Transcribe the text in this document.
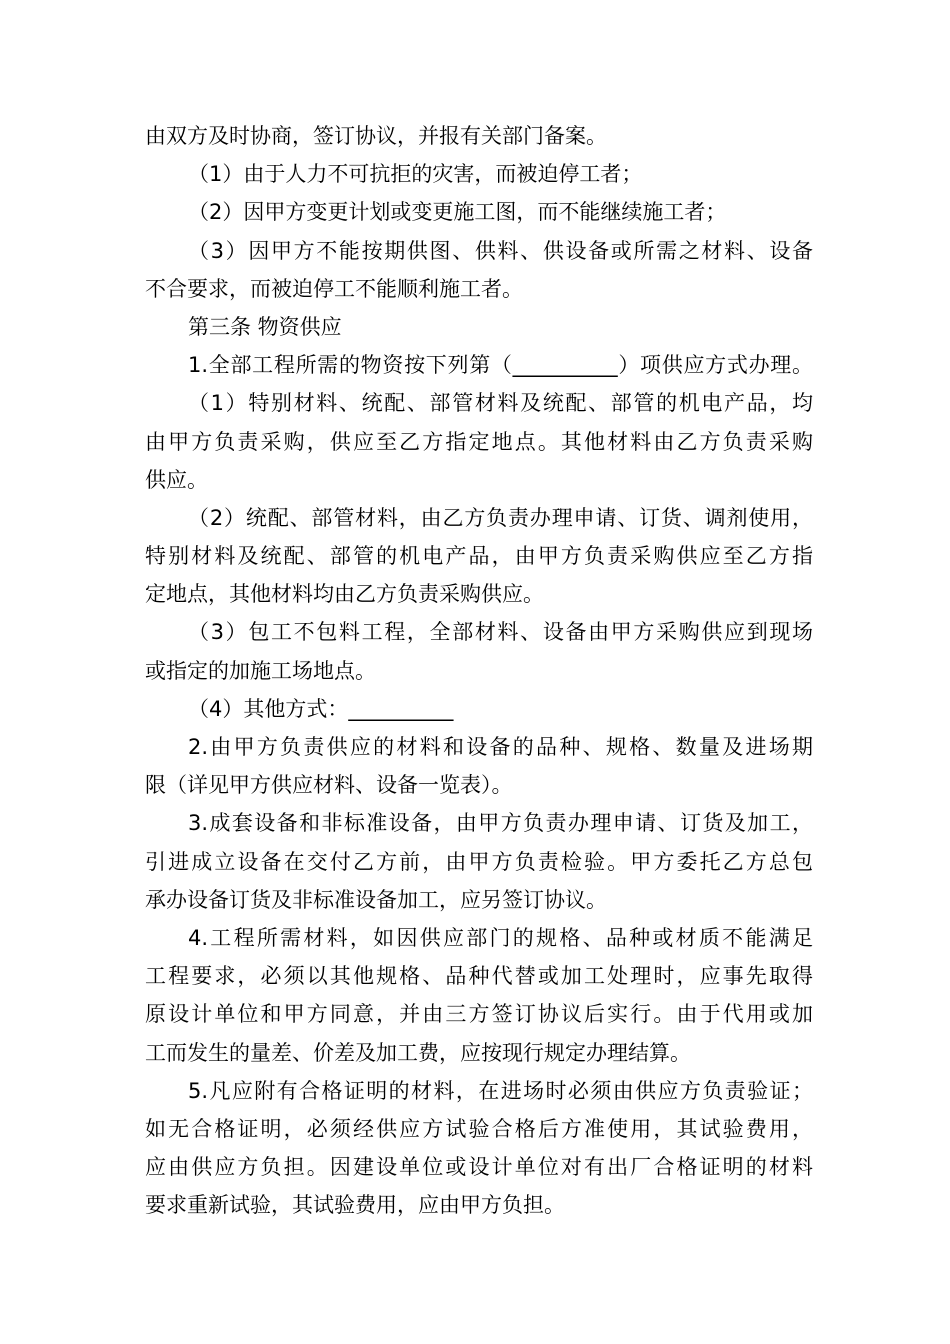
由双方及时协商，签订协议，并报有关部门备案。
（1）由于人力不可抗拒的灾害，而被迫停工者；
（2）因甲方变更计划或变更施工图，而不能继续施工者；
（3）因甲方不能按期供图、供料、供设备或所需之材料、设备
不合要求，而被迫停工不能顺利施工者。
第三条 物资供应
1.全部工程所需的物资按下列第（__________）项供应方式办理。
（1）特别材料、统配、部管材料及统配、部管的机电产品，均
由甲方负责采购，供应至乙方指定地点。其他材料由乙方负责采购
供应。
（2）统配、部管材料，由乙方负责办理申请、订货、调剂使用，
特别材料及统配、部管的机电产品，由甲方负责采购供应至乙方指
定地点，其他材料均由乙方负责采购供应。
（3）包工不包料工程，全部材料、设备由甲方采购供应到现场
或指定的加施工场地点。
（4）其他方式：__________
2.由甲方负责供应的材料和设备的品种、规格、数量及进场期
限（详见甲方供应材料、设备一览表）。
3.成套设备和非标准设备，由甲方负责办理申请、订货及加工，
引进成立设备在交付乙方前，由甲方负责检验。甲方委托乙方总包
承办设备订货及非标准设备加工，应另签订协议。
4.工程所需材料，如因供应部门的规格、品种或材质不能满足
工程要求，必须以其他规格、品种代替或加工处理时，应事先取得
原设计单位和甲方同意，并由三方签订协议后实行。由于代用或加
工而发生的量差、价差及加工费，应按现行规定办理结算。
5.凡应附有合格证明的材料，在进场时必须由供应方负责验证；
如无合格证明，必须经供应方试验合格后方准使用，其试验费用，
应由供应方负担。因建设单位或设计单位对有出厂合格证明的材料
要求重新试验，其试验费用，应由甲方负担。
